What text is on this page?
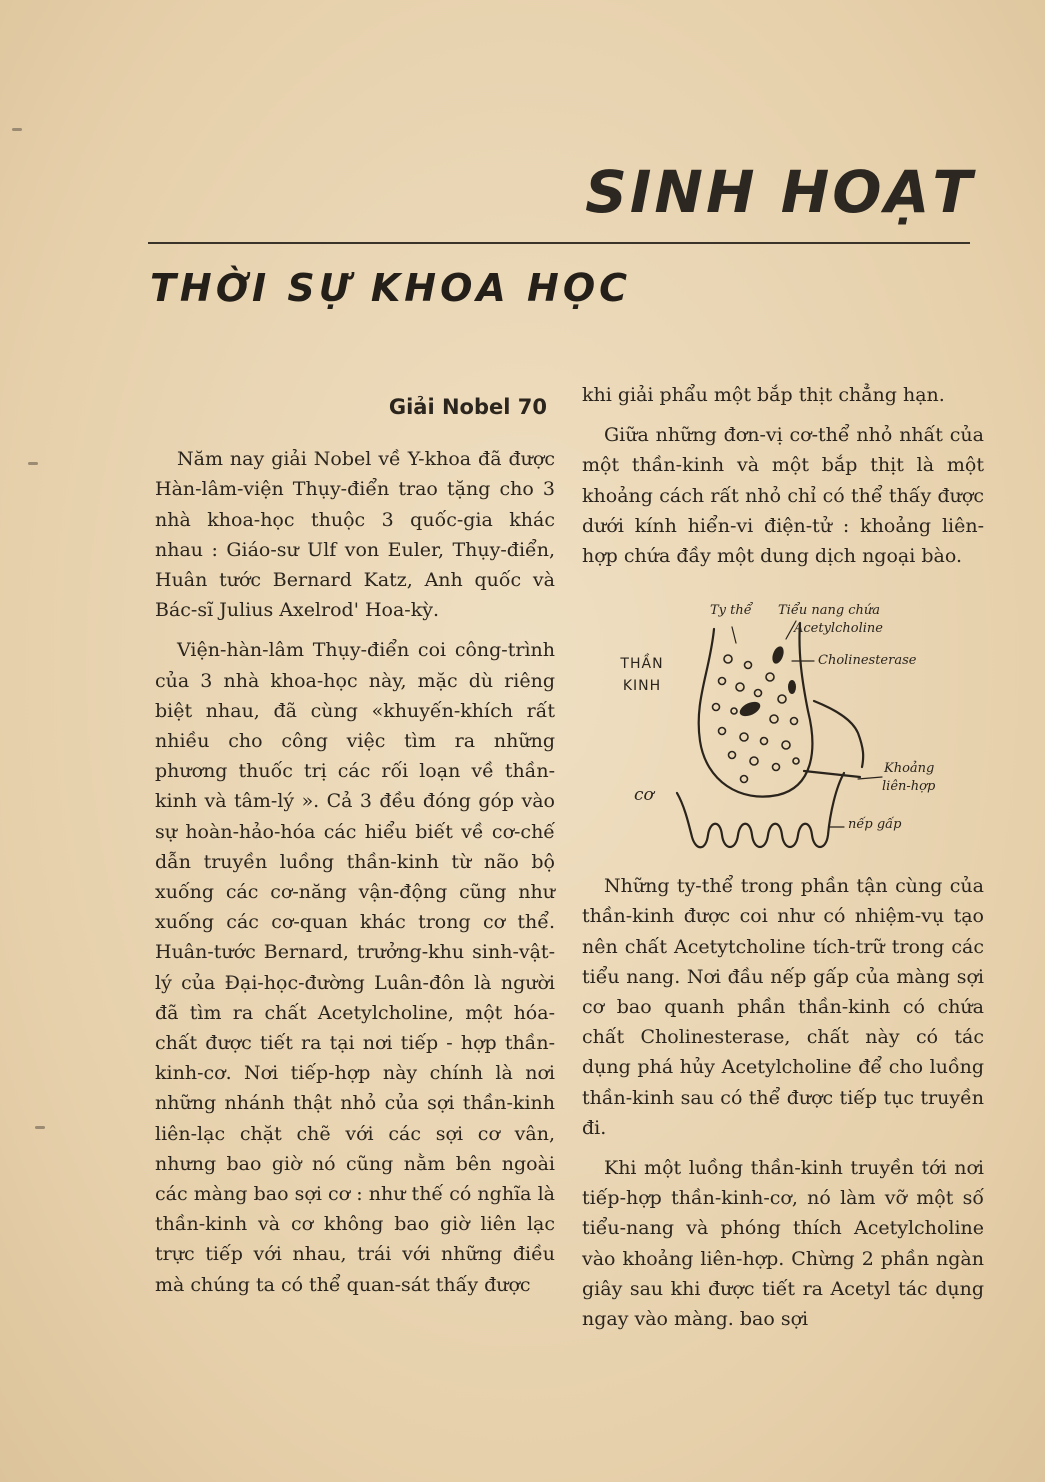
SINH HOẠT
THỜI SỰ KHOA HỌC
Giải Nobel 70

Năm nay giải Nobel về Y-khoa đã được Hàn-lâm-viện Thụy-điển trao tặng cho 3 nhà khoa-học thuộc 3 quốc-gia khác nhau : Giáo-sư Ulf von Euler, Thụy-điển, Huân tước Bernard Katz, Anh quốc và Bác-sĩ Julius Axelrod' Hoa-kỳ.

Viện-hàn-lâm Thụy-điển coi công-trình của 3 nhà khoa-học này, mặc dù riêng biệt nhau, đã cùng «khuyến-khích rất nhiều cho công việc tìm ra những phương thuốc trị các rối loạn về thần-kinh và tâm-lý ». Cả 3 đều đóng góp vào sự hoàn-hảo-hóa các hiểu biết về cơ-chế dẫn truyền luồng thần-kinh từ não bộ xuống các cơ-năng vận-động cũng như xuống các cơ-quan khác trong cơ thể. Huân-tước Bernard, trưởng-khu sinh-vật-lý của Đại-học-đường Luân-đôn là người đã tìm ra chất Acetylcholine, một hóa-chất được tiết ra tại nơi tiếp - hợp thần-kinh-cơ. Nơi tiếp-hợp này chính là nơi những nhánh thật nhỏ của sợi thần-kinh liên-lạc chặt chẽ với các sợi cơ vân, nhưng bao giờ nó cũng nằm bên ngoài các màng bao sợi cơ : như thế có nghĩa là thần-kinh và cơ không bao giờ liên lạc trực tiếp với nhau, trái với những điều mà chúng ta có thể quan-sát thấy được

khi giải phẩu một bắp thịt chẳng hạn.

Giữa những đơn-vị cơ-thể nhỏ nhất của một thần-kinh và một bắp thịt là một khoảng cách rất nhỏ chỉ có thể thấy được dưới kính hiển-vi điện-tử : khoảng liên-hợp chứa đầy một dung dịch ngoại bào.

Ty thể Tiểu nang chứa
Acetylcholine
THẦN KINH
Cholinesterase
Khoảng
liên-hợp
cơ
nếp gấp

Những ty-thể trong phần tận cùng của thần-kinh được coi như có nhiệm-vụ tạo nên chất Acetytcholine tích-trữ trong các tiểu nang. Nơi đầu nếp gấp của màng sợi cơ bao quanh phần thần-kinh có chứa chất Cholinesterase, chất này có tác dụng phá hủy Acetylcholine để cho luồng thần-kinh sau có thể được tiếp tục truyền đi.

Khi một luồng thần-kinh truyền tới nơi tiếp-hợp thần-kinh-cơ, nó làm vỡ một số tiểu-nang và phóng thích Acetylcholine vào khoảng liên-hợp. Chừng 2 phần ngàn giây sau khi được tiết ra Acetyl tác dụng ngay vào màng. bao sợi
